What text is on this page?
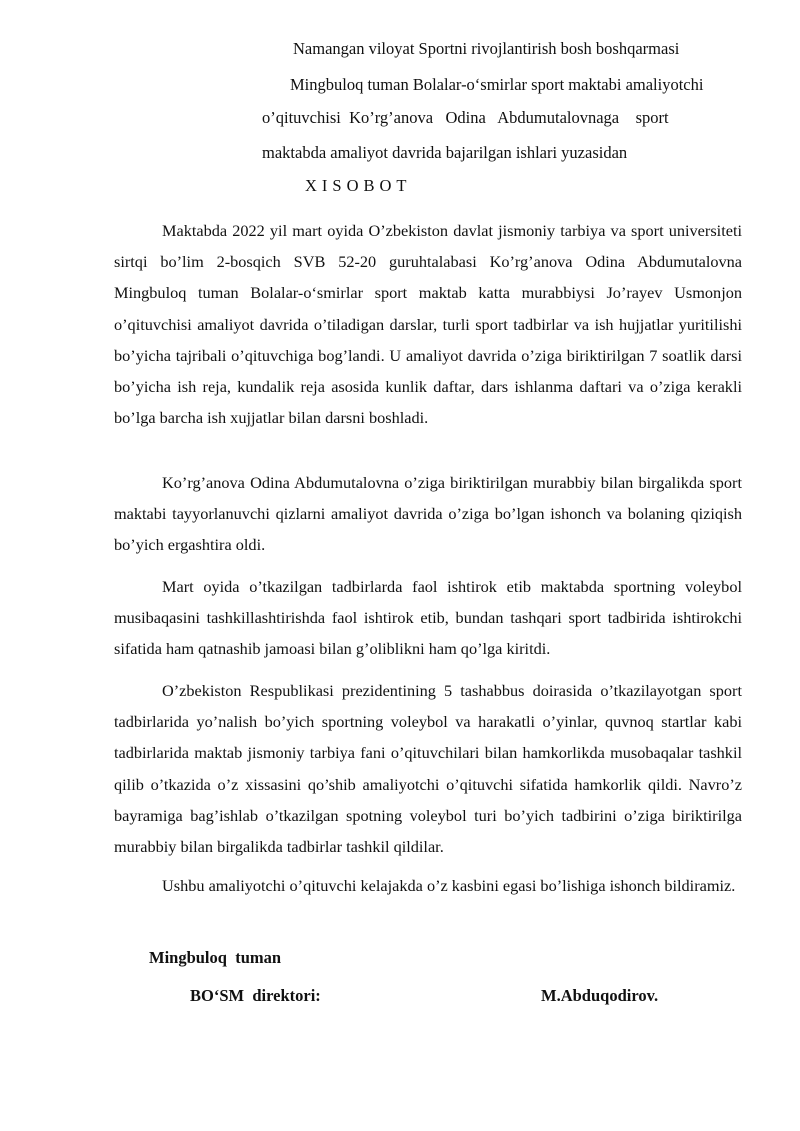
Namangan viloyat Sportni rivojlantirish bosh boshqarmasi
Mingbuloq tuman Bolalar-o‘smirlar sport maktabi amaliyotchi
o’qituvchisi  Ko’rg’anova   Odina   Abdumutalovnaga    sport
maktabda amaliyot davrida bajarilgan ishlari yuzasidan
XISOBOT

Maktabda 2022 yil mart oyida O’zbekiston davlat jismoniy tarbiya va sport universiteti sirtqi bo’lim 2-bosqich SVB 52-20 guruhtalabasi Ko’rg’anova Odina Abdumutalovna Mingbuloq tuman Bolalar-o‘smirlar sport maktab katta murabbiysi Jo’rayev Usmonjon o’qituvchisi amaliyot davrida o’tiladigan darslar, turli sport tadbirlar va ish hujjatlar yuritilishi bo’yicha tajribali o’qituvchiga bog’landi. U amaliyot davrida o’ziga biriktirilgan 7 soatlik darsi bo’yicha ish reja, kundalik reja asosida kunlik daftar, dars ishlanma daftari va o’ziga kerakli bo’lga barcha ish xujjatlar bilan darsni boshladi.

Ko’rg’anova Odina Abdumutalovna o’ziga biriktirilgan murabbiy bilan birgalikda sport maktabi tayyorlanuvchi qizlarni amaliyot davrida o’ziga bo’lgan ishonch va bolaning qiziqish bo’yich ergashtira oldi.

Mart oyida o’tkazilgan tadbirlarda faol ishtirok etib maktabda sportning voleybol musibaqasini tashkillashtirishda faol ishtirok etib, bundan tashqari sport tadbirida ishtirokchi sifatida ham qatnashib jamoasi bilan g’oliblikni ham qo’lga kiritdi.

O’zbekiston Respublikasi prezidentining 5 tashabbus doirasida o’tkazilayotgan sport tadbirlarida yo’nalish bo’yich sportning voleybol va harakatli o’yinlar, quvnoq startlar kabi tadbirlarida maktab jismoniy tarbiya fani o’qituvchilari bilan hamkorlikda musobaqalar tashkil qilib o’tkazida o’z xissasini qo’shib amaliyotchi o’qituvchi sifatida hamkorlik qildi. Navro’z bayramiga bag’ishlab o’tkazilgan spotning voleybol turi bo’yich tadbirini o’ziga biriktirilga murabbiy bilan birgalikda tadbirlar tashkil qildilar.

Ushbu amaliyotchi o’qituvchi kelajakda o’z kasbini egasi bo’lishiga ishonch bildiramiz.

Mingbuloq  tuman
BO‘SM  direktori:	M.Abduqodirov.
